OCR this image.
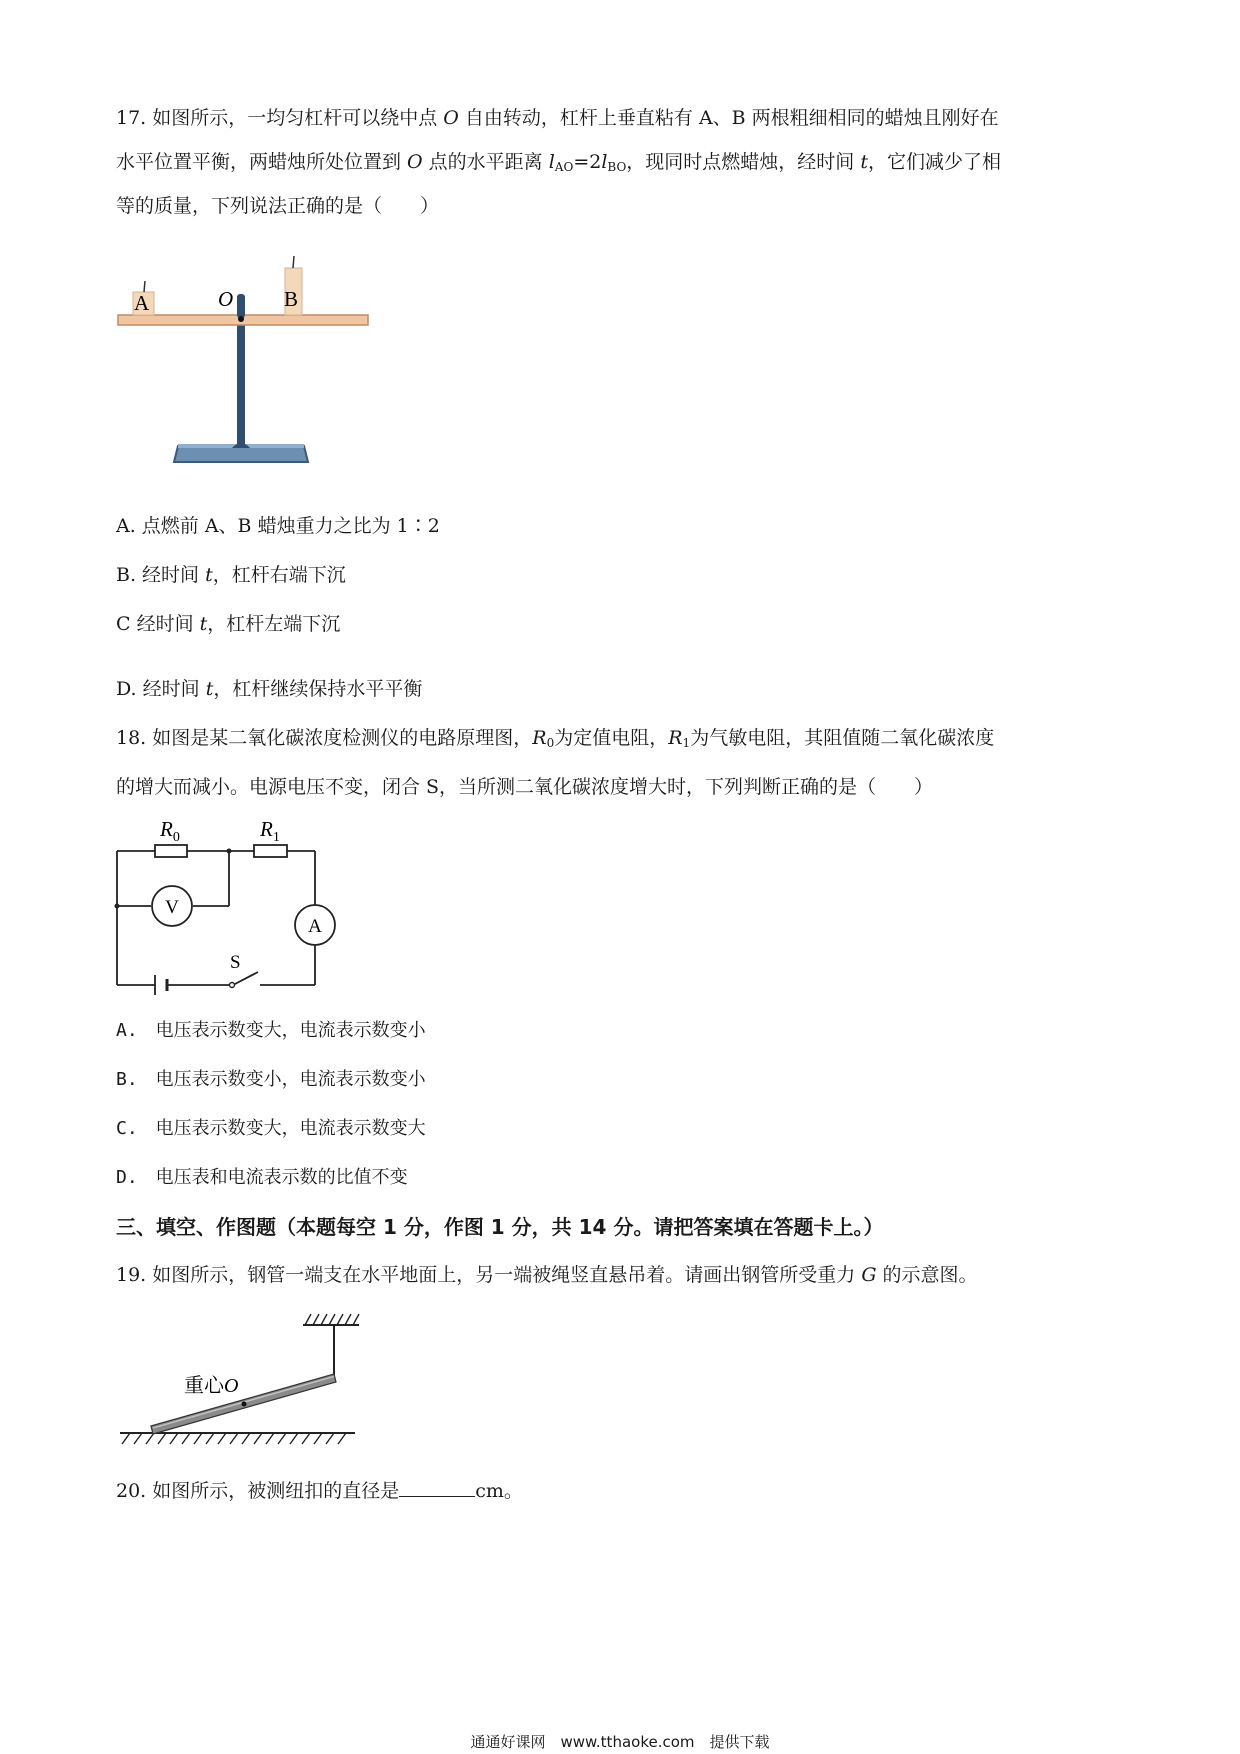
17. 如图所示，一均匀杠杆可以绕中点 O 自由转动，杠杆上垂直粘有 A、B 两根粗细相同的蜡烛且刚好在
水平位置平衡，两蜡烛所处位置到 O 点的水平距离 $l_{AO}=2l_{BO}$，现同时点燃蜡烛，经时间 t，它们减少了相
等的质量，下列说法正确的是（　　）
A	B
O
A. 点燃前 A、B 蜡烛重力之比为 1∶2
B. 经时间 t，杠杆右端下沉
C 经时间 t，杠杆左端下沉
D. 经时间 t，杠杆继续保持水平平衡
18. 如图是某二氧化碳浓度检测仪的电路原理图，$R_0$为定值电阻，$R_1$为气敏电阻，其阻值随二氧化碳浓度
的增大而减小。电源电压不变，闭合 S，当所测二氧化碳浓度增大时，下列判断正确的是（　　）
$R_0$	$R_1$
V
A
S
A.　电压表示数变大，电流表示数变小
B.　电压表示数变小，电流表示数变小
C.　电压表示数变大，电流表示数变大
D.　电压表和电流表示数的比值不变
三、填空、作图题（本题每空 1 分，作图 1 分，共 14 分。请把答案填在答题卡上。）
19. 如图所示，钢管一端支在水平地面上，另一端被绳竖直悬吊着。请画出钢管所受重力 G 的示意图。
重心O
20. 如图所示，被测纽扣的直径是	cm。
通通好课网　www.tthaoke.com　提供下载
